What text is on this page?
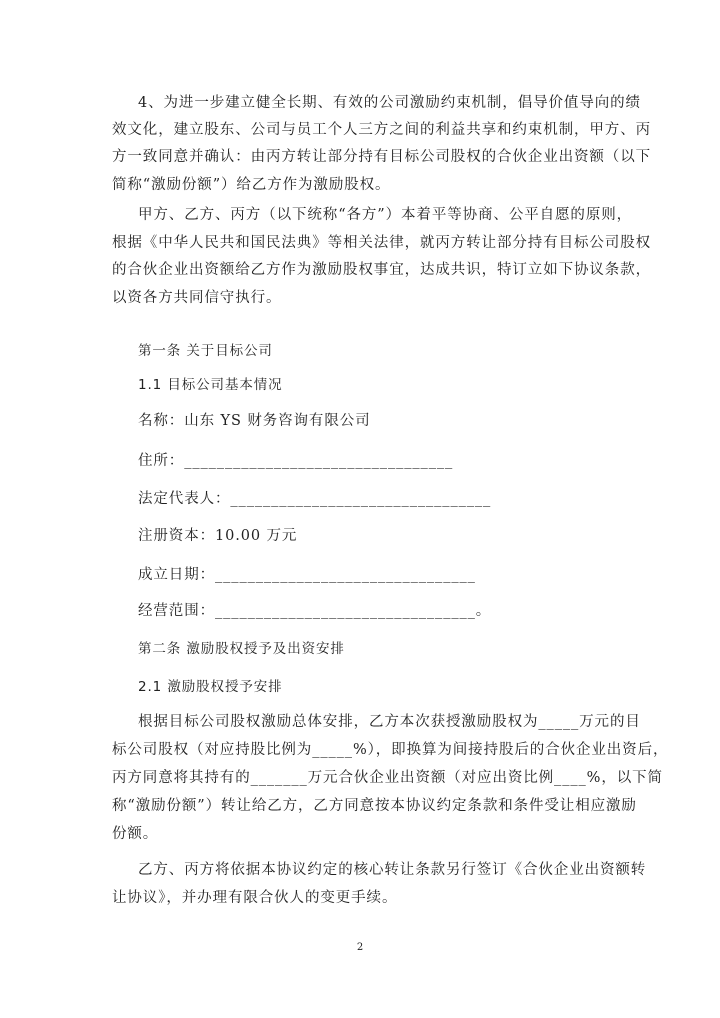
4、为进一步建立健全长期、有效的公司激励约束机制，倡导价值导向的绩
效文化，建立股东、公司与员工个人三方之间的利益共享和约束机制，甲方、丙
方一致同意并确认：由丙方转让部分持有目标公司股权的合伙企业出资额（以下
简称“激励份额”）给乙方作为激励股权。
甲方、乙方、丙方（以下统称“各方”）本着平等协商、公平自愿的原则，
根据《中华人民共和国民法典》等相关法律，就丙方转让部分持有目标公司股权
的合伙企业出资额给乙方作为激励股权事宜，达成共识，特订立如下协议条款，
以资各方共同信守执行。
第一条 关于目标公司
1.1 目标公司基本情况
名称：山东 YS 财务咨询有限公司
住所：_________________________________
法定代表人：________________________________
注册资本：10.00 万元
成立日期：________________________________
经营范围：________________________________。
第二条 激励股权授予及出资安排
2.1 激励股权授予安排
根据目标公司股权激励总体安排，乙方本次获授激励股权为_____万元的目
标公司股权（对应持股比例为_____%），即换算为间接持股后的合伙企业出资后，
丙方同意将其持有的_______万元合伙企业出资额（对应出资比例____%，以下简
称“激励份额”）转让给乙方，乙方同意按本协议约定条款和条件受让相应激励
份额。
乙方、丙方将依据本协议约定的核心转让条款另行签订《合伙企业出资额转
让协议》，并办理有限合伙人的变更手续。
2
